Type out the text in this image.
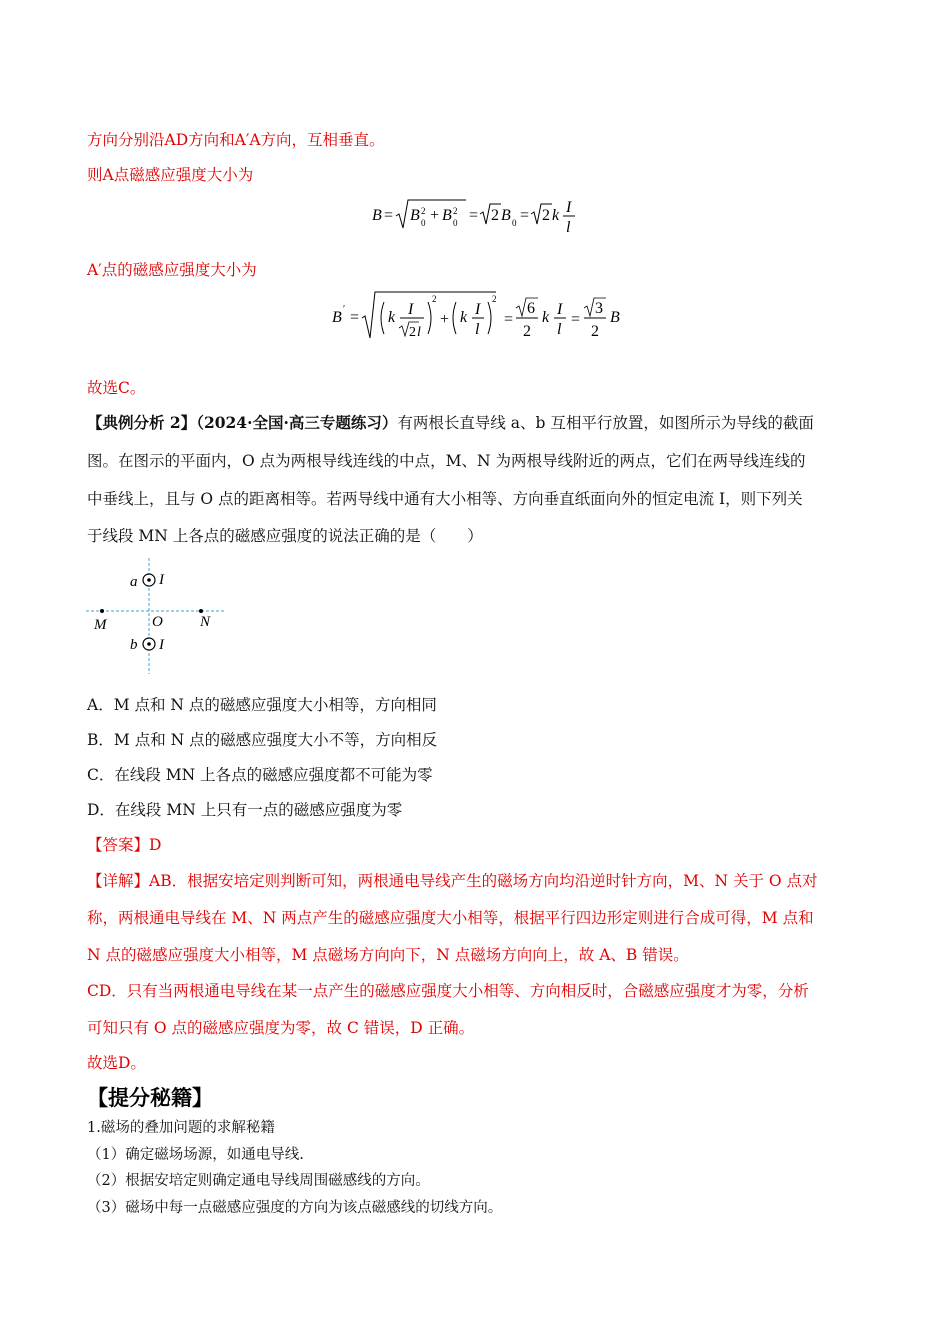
方向分别沿AD方向和A′A方向，互相垂直。
则A点磁感应强度大小为
B = B 0
2 + B 0
2 = 2 B 0 = 2 k I
l
A′点的磁感应强度大小为
B ′ = k I
2 l
2
+ k I
l
2
=
6
2
k I
l
=
3
2
B
故选C。
【典例分析 2】（2024·全国·高三专题练习）有两根长直导线 a、b 互相平行放置，如图所示为导线的截面
图。在图示的平面内，O 点为两根导线连线的中点，M、N 为两根导线附近的两点，它们在两导线连线的
中垂线上，且与 O 点的距离相等。若两导线中通有大小相等、方向垂直纸面向外的恒定电流 I，则下列关
于线段 MN 上各点的磁感应强度的说法正确的是（　　）
a I
M	O N
b I
A．M 点和 N 点的磁感应强度大小相等，方向相同
B．M 点和 N 点的磁感应强度大小不等，方向相反
C．在线段 MN 上各点的磁感应强度都不可能为零
D．在线段 MN 上只有一点的磁感应强度为零
【答案】D
【详解】AB．根据安培定则判断可知，两根通电导线产生的磁场方向均沿逆时针方向，M、N 关于 O 点对
称，两根通电导线在 M、N 两点产生的磁感应强度大小相等，根据平行四边形定则进行合成可得，M 点和
N 点的磁感应强度大小相等，M 点磁场方向向下，N 点磁场方向向上，故 A、B 错误。
CD．只有当两根通电导线在某一点产生的磁感应强度大小相等、方向相反时，合磁感应强度才为零，分析
可知只有 O 点的磁感应强度为零，故 C 错误，D 正确。
故选D。
【提分秘籍】
1.磁场的叠加问题的求解秘籍
（1）确定磁场场源，如通电导线.
（2）根据安培定则确定通电导线周围磁感线的方向。
（3）磁场中每一点磁感应强度的方向为该点磁感线的切线方向。
